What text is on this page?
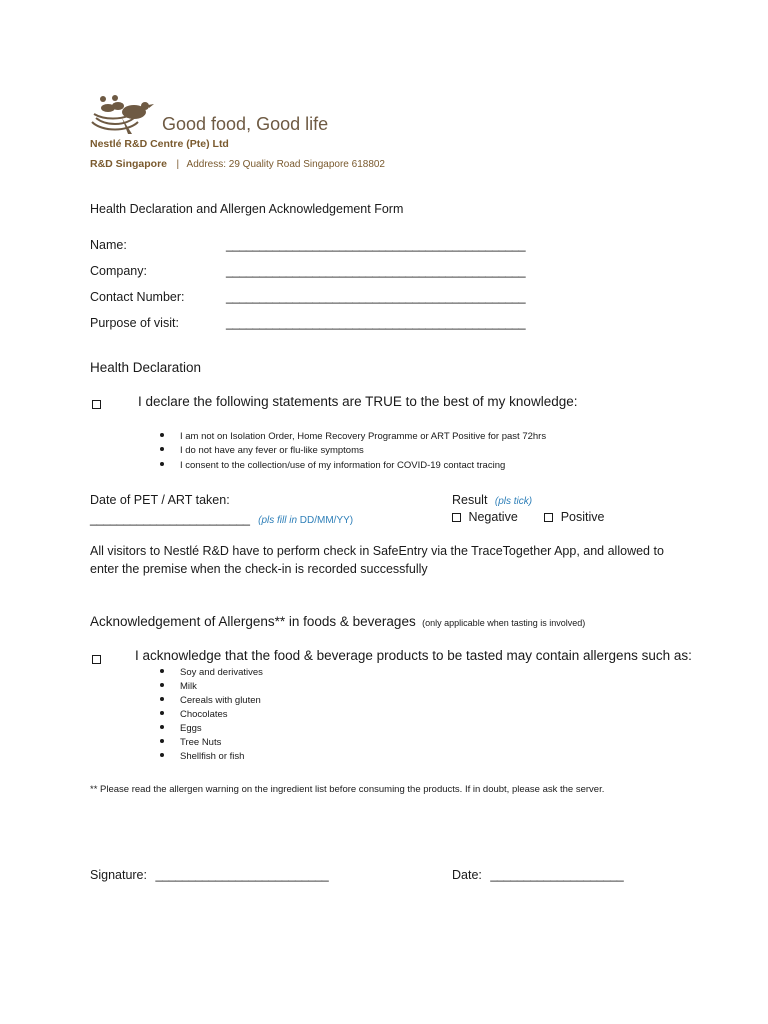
Good food, Good life
Nestlé R&D Centre (Pte) Ltd
R&D Singapore | Address: 29 Quality Road Singapore 618802
Health Declaration and Allergen Acknowledgement Form
Name:	_____________________________________________
Company:	_____________________________________________
Contact Number:	_____________________________________________
Purpose of visit:	_____________________________________________
Health Declaration
I declare the following statements are TRUE to the best of my knowledge:
I am not on Isolation Order, Home Recovery Programme or ART Positive for past 72hrs
I do not have any fever or flu-like symptoms
I consent to the collection/use of my information for COVID-19 contact tracing
Date of PET / ART taken:
________________________ (pls fill in DD/MM/YY)
Result (pls tick)
Negative	Positive
All visitors to Nestlé R&D have to perform check in SafeEntry via the TraceTogether App, and allowed to
enter the premise when the check-in is recorded successfully
Acknowledgement of Allergens** in foods & beverages (only applicable when tasting is involved)
I acknowledge that the food & beverage products to be tasted may contain allergens such as:
Soy and derivatives
Milk
Cereals with gluten
Chocolates
Eggs
Tree Nuts
Shellfish or fish
** Please read the allergen warning on the ingredient list before consuming the products. If in doubt, please ask the server.
Signature: __________________________	Date: ____________________
